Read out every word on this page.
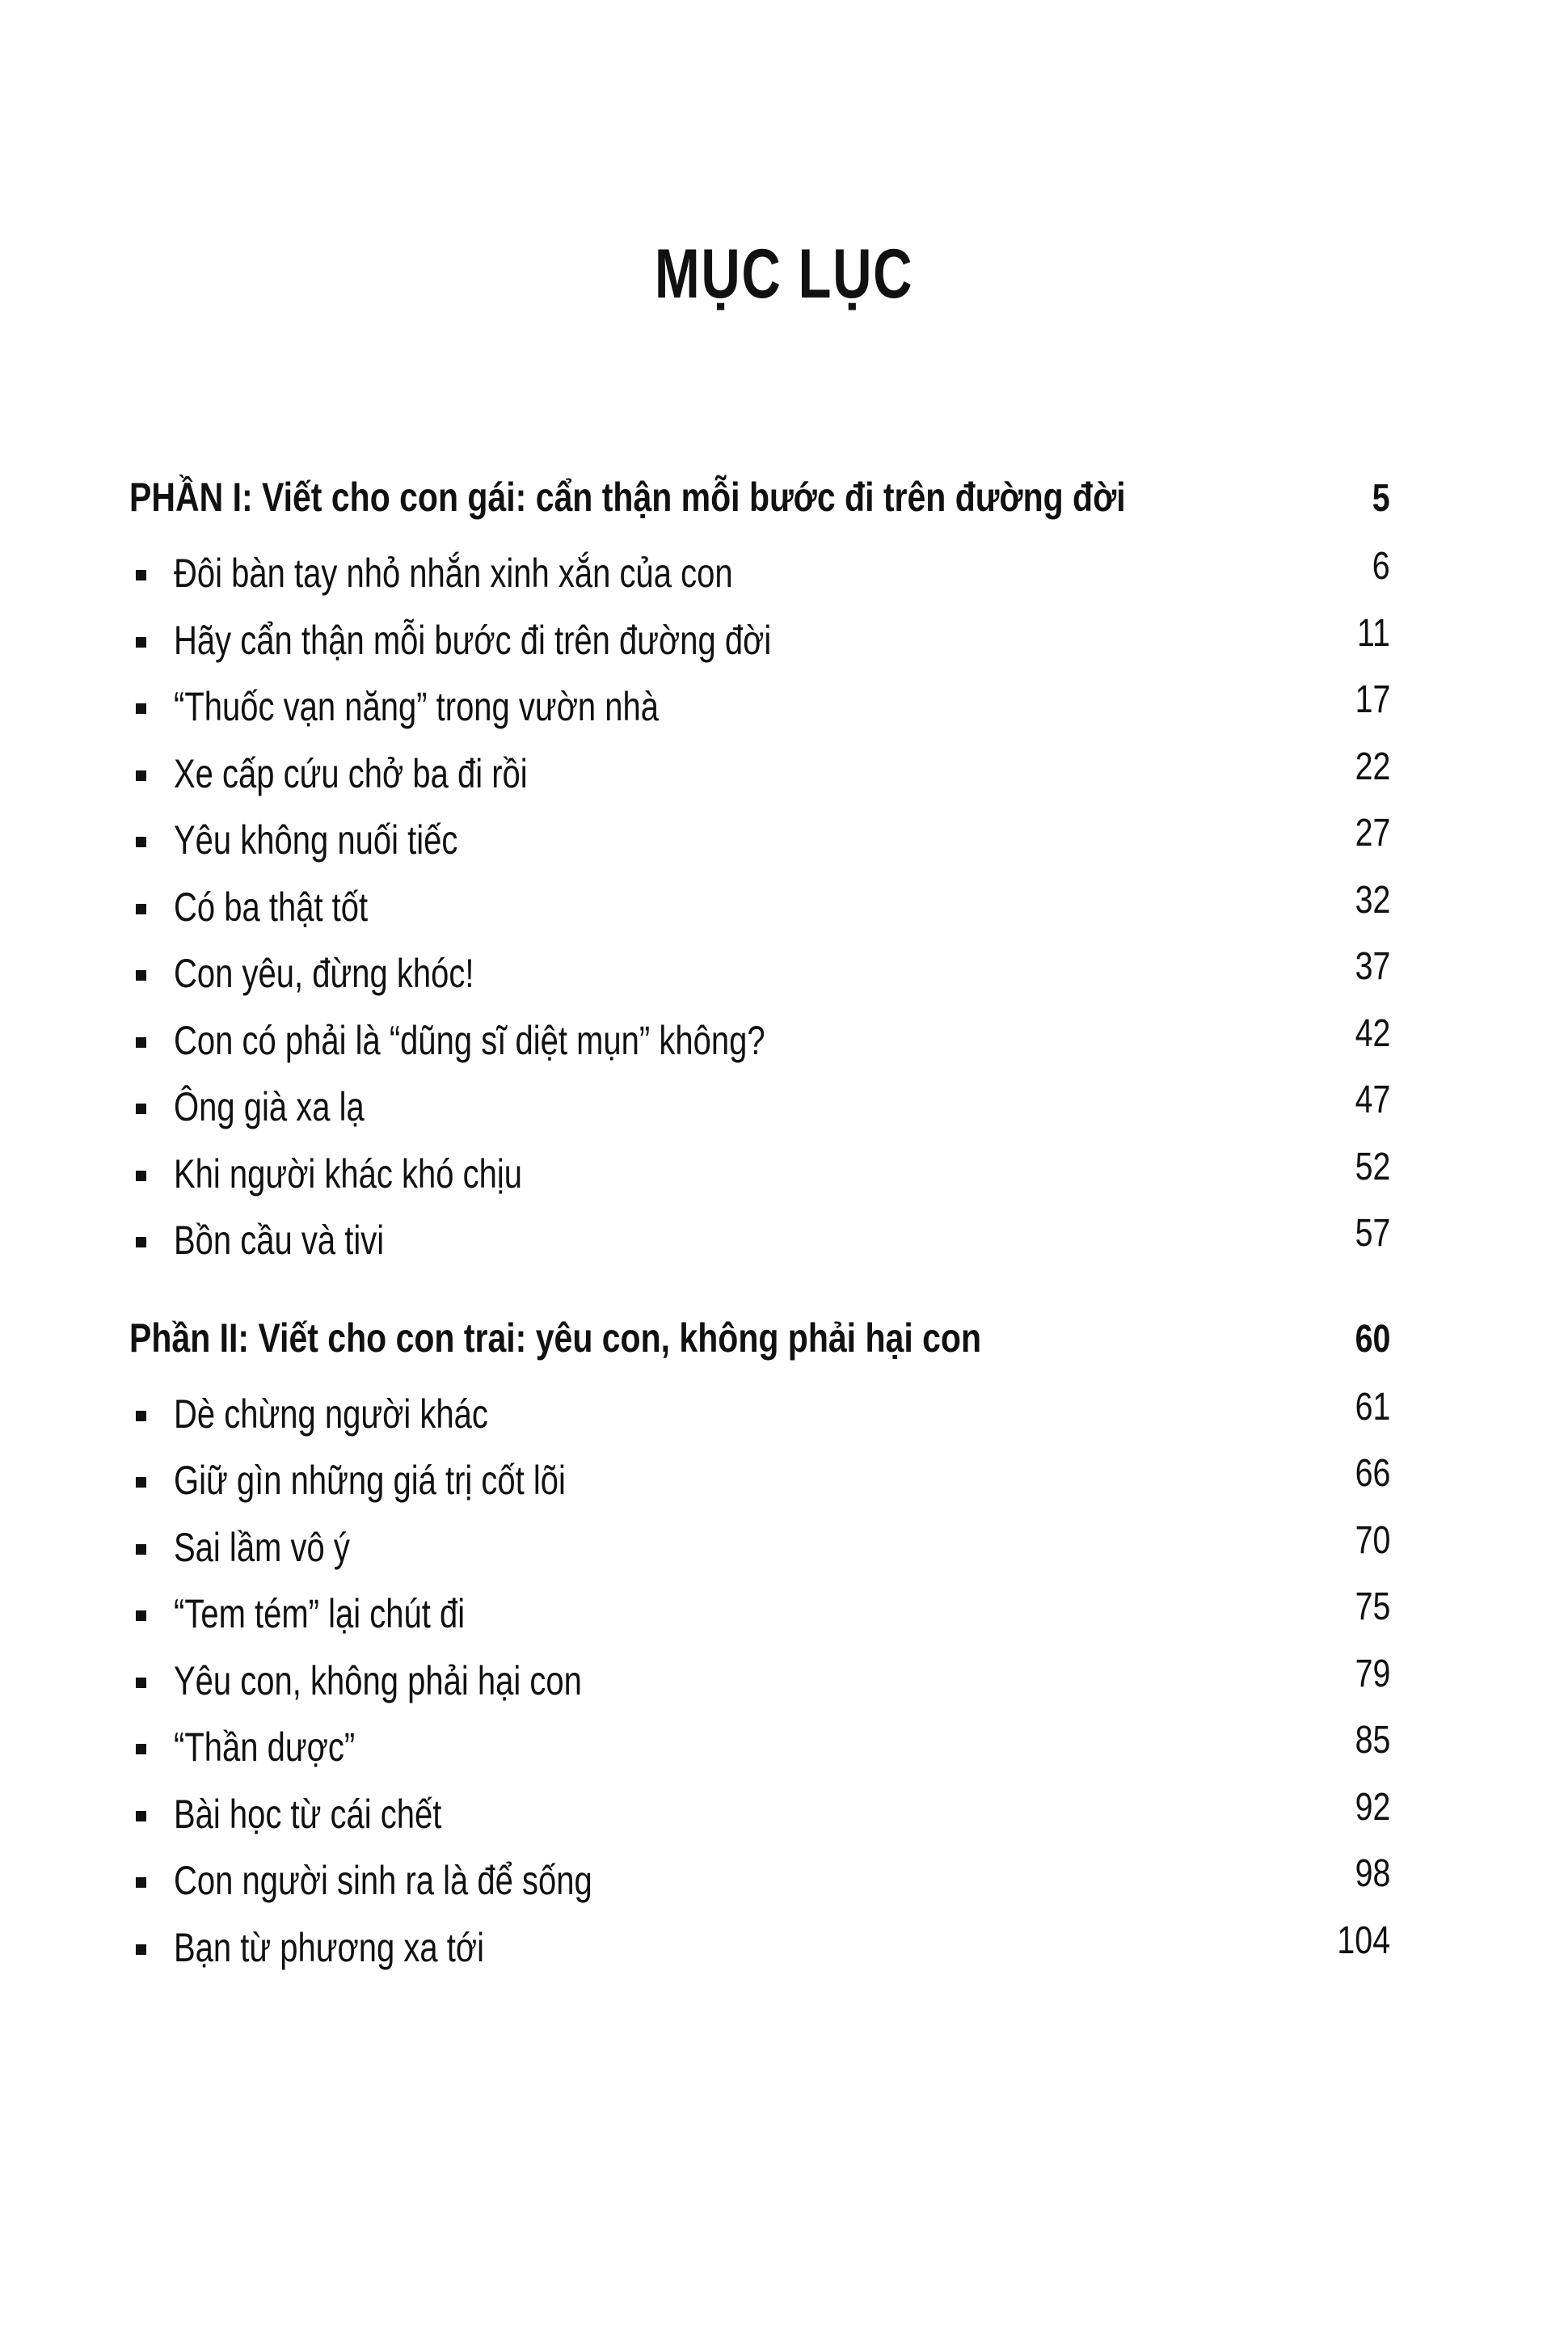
MỤC LỤC
PHẦN I: Viết cho con gái: cẩn thận mỗi bước đi trên đường đời	5
Đôi bàn tay nhỏ nhắn xinh xắn của con	6
Hãy cẩn thận mỗi bước đi trên đường đời	11
“Thuốc vạn năng” trong vườn nhà	17
Xe cấp cứu chở ba đi rồi	22
Yêu không nuối tiếc	27
Có ba thật tốt	32
Con yêu, đừng khóc!	37
Con có phải là “dũng sĩ diệt mụn” không?	42
Ông già xa lạ	47
Khi người khác khó chịu	52
Bồn cầu và tivi	57
Phần II: Viết cho con trai: yêu con, không phải hại con	60
Dè chừng người khác	61
Giữ gìn những giá trị cốt lõi	66
Sai lầm vô ý	70
“Tem tém” lại chút đi	75
Yêu con, không phải hại con	79
“Thần dược”	85
Bài học từ cái chết	92
Con người sinh ra là để sống	98
Bạn từ phương xa tới	104
